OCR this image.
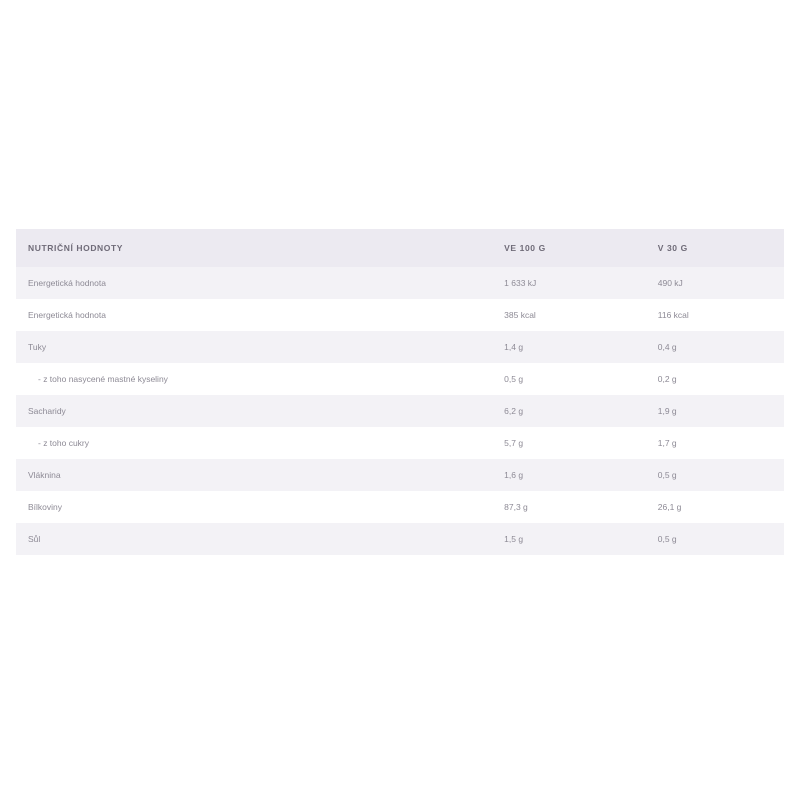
NUTRIČNÍ HODNOTY	VE 100 G	V 30 G
Energetická hodnota	1 633 kJ	490 kJ
Energetická hodnota	385 kcal	116 kcal
Tuky	1,4 g	0,4 g
- z toho nasycené mastné kyseliny	0,5 g	0,2 g
Sacharidy	6,2 g	1,9 g
- z toho cukry	5,7 g	1,7 g
Vláknina	1,6 g	0,5 g
Bílkoviny	87,3 g	26,1 g
Sůl	1,5 g	0,5 g
